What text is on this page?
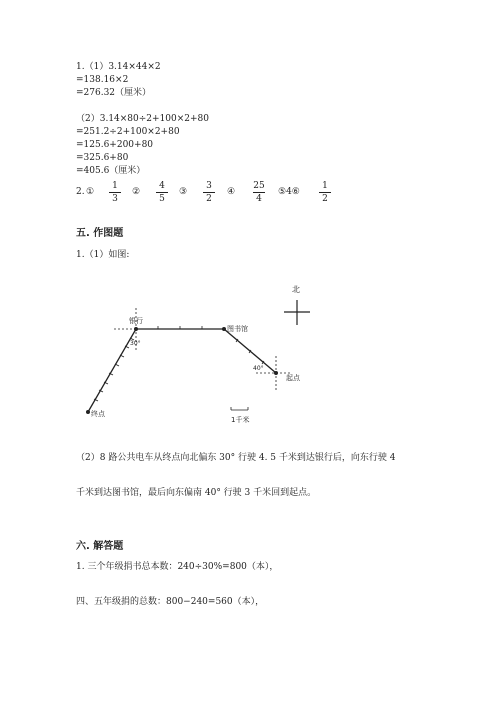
1.（1）3.14×44×2
=138.16×2
=276.32（厘米）
（2）3.14×80÷2+100×2+80
=251.2÷2+100×2+80
=125.6+200+80
=325.6+80
=405.6（厘米）
2. ①
1
3
②
4
5
③
3
2
④
25
4
⑤4⑥
1
2
五. 作图题
1.（1）如图:
北
银行
30°
图书馆
40°
起点
终点
1千米
（2）8 路公共电车从终点向北偏东 30° 行驶 4. 5 千米到达银行后，向东行驶 4
千米到达图书馆，最后向东偏南 40° 行驶 3 千米回到起点。
六. 解答题
1. 三个年级捐书总本数：240÷30%=800（本），
四、五年级捐的总数：800−240=560（本），
